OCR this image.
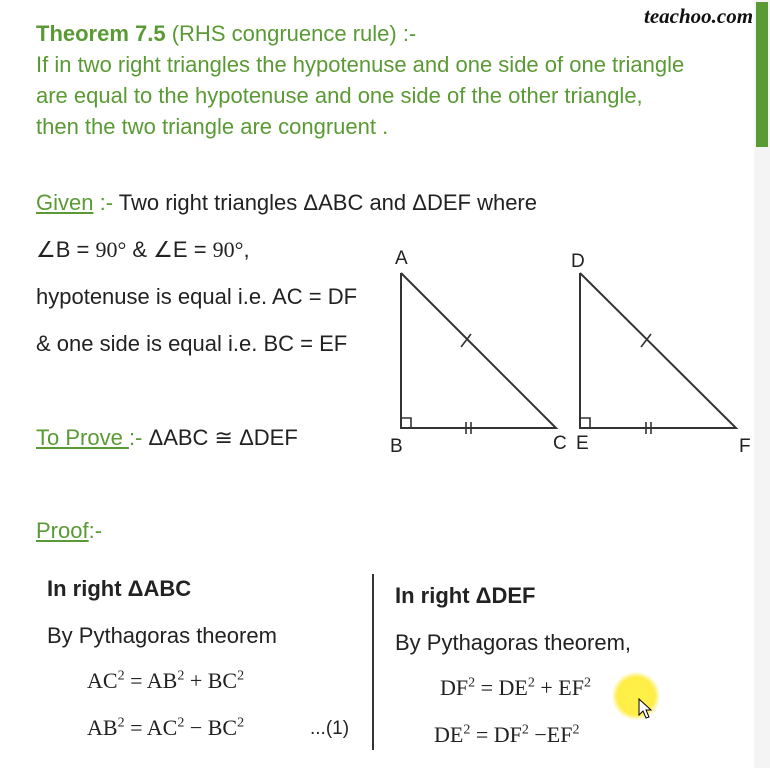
teachoo.com
Theorem 7.5 (RHS congruence rule) :-
If in two right triangles the hypotenuse and one side of one triangle
are equal to the hypotenuse and one side of the other triangle,
then the two triangle are congruent .
Given :- Two right triangles ΔABC and ΔDEF where
∠B = 90° & ∠E = 90°,
hypotenuse is equal i.e. AC = DF
& one side is equal i.e. BC = EF
To Prove :- ΔABC ≅ ΔDEF
Proof:-
A
B	C
D
E	F
In right ΔABC
By Pythagoras theorem
$AC^2 = AB^2 + BC^2$
$AB^2 = AC^2 - BC^2$	...(1)
In right ΔDEF
By Pythagoras theorem,
$DF^2 = DE^2 + EF^2$
$DE^2 = DF^2 -EF^2$
